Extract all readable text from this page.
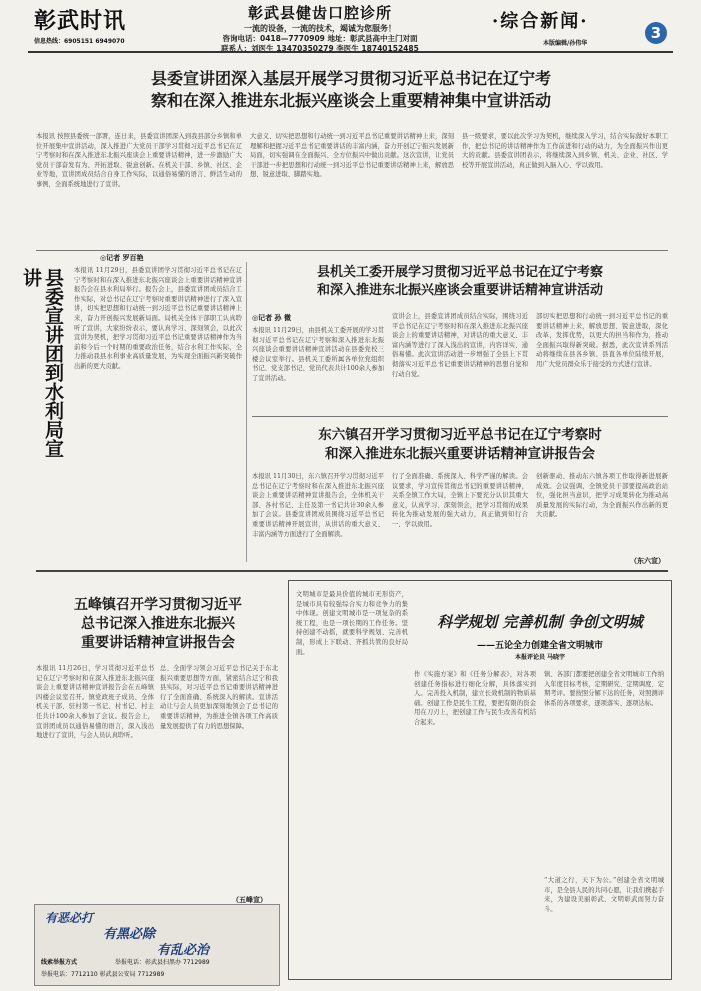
彰武时讯
信息热线：6905151 6949070
彰武县健齿口腔诊所
一流的设备，一流的技术，竭诚为您服务！
咨询电话：0418—7770909 地址：彰武县高中主门对面
联系人：刘医生 13470350279 李医生 18740152485
·综合新闻·
3
本版编辑/孙伟华
县委宣讲团深入基层开展学习贯彻习近平总书记在辽宁考
察和在深入推进东北振兴座谈会上重要精神集中宣讲活动
本报讯 按照县委统一部署，连日来，县委宣讲团深入到我县部分乡镇和单位开展集中宣讲活动，深入推进广大党员干部学习贯彻习近平总书记在辽宁考察时和在深入推进东北振兴座谈会上重要讲话精神，进一步激励广大党员干部奋发有为、开拓进取、锐意创新。在机关干部、乡镇、社区、企业等地，宣讲团成员结合自身工作实际，以通俗易懂的语言、鲜活生动的事例，全面系统地进行了宣讲。
大意义、切实把思想和行动统一到习近平总书记重要讲话精神上来，深刻理解和把握习近平总书记重要讲话的丰富内涵，奋力开创辽宁振兴发展新局面，切实强调在全面振兴、全方位振兴中做出贡献。这次宣讲，让党员干部进一步把思想和行动统一到习近平总书记重要讲话精神上来，解放思想、锐意进取、脚踏实地。
县一级要求，要以此次学习为契机，继续深入学习，结合实际做好本职工作，把总书记的讲话精神作为工作前进和行动的动力，为全面振兴作出更大的贡献。县委宣讲团表示，将继续深入到乡镇、机关、企业、社区、学校等开展宣讲活动，真正做到入脑入心、学以致用。
◎记者 罗百艳
县委宣讲团到水利局宣讲	本报讯 11月29日，县委宣讲团学习贯彻习近平总书记在辽宁考察时和在深入推进东北振兴座谈会上重要讲话精神宣讲报告会在县水利局举行。报告会上，县委宣讲团成员结合工作实际，对总书记在辽宁考察时重要讲话精神进行了深入宣讲，切实把思想和行动统一到习近平总书记重要讲话精神上来，奋力开创振兴发展新局面。局机关全体干部职工认真聆听了宣讲，大家纷纷表示，要认真学习、深刻领会，以此次宣讲为契机，把学习贯彻习近平总书记重要讲话精神作为当前和今后一个时期的重要政治任务，结合水利工作实际，全力推动我县水利事业高质量发展，为实现全面振兴新突破作出新的更大贡献。
县机关工委开展学习贯彻习近平总书记在辽宁考察
和深入推进东北振兴座谈会重要讲话精神宣讲活动
◎记者 孙 微
本报讯 11月29日，由县机关工委开展的学习贯彻习近平总书记在辽宁考察和深入推进东北振兴座谈会重要讲话精神宣讲活动在县委党校三楼会议室举行。县机关工委所属各单位党组织书记、党支部书记、党员代表共计100余人参加了宣讲活动。
宣讲会上，县委宣讲团成员结合实际，围绕习近平总书记在辽宁考察时和在深入推进东北振兴座谈会上的重要讲话精神，对讲话的重大意义、丰富内涵等进行了深入浅出的宣讲，内容详实、通俗易懂。此次宣讲活动进一步增强了全县上下贯彻落实习近平总书记重要讲话精神的思想自觉和行动自觉。
部切实把思想和行动统一到习近平总书记的重要讲话精神上来，解放思想、锐意进取，深化改革，发挥优势，以更大的担当和作为，推动全面振兴取得新突破。据悉，此次宣讲系列活动将继续在县各乡镇、县直各单位陆续开展，用广大党员群众乐于接受的方式进行宣讲。
东六镇召开学习贯彻习近平总书记在辽宁考察时
和深入推进东北振兴重要讲话精神宣讲报告会
本报讯 11月30日，东六镇召开学习贯彻习近平总书记在辽宁考察时和在深入推进东北振兴座谈会上重要讲话精神宣讲报告会，全体机关干部、各村书记、主任及第一书记共计30余人参加了会议。县委宣讲团成员围绕习近平总书记重要讲话精神开展宣讲，从讲话的重大意义、丰富内涵等方面进行了全面解读。
行了全面准确、系统深入、科学严谨的解读。会议要求，学习宣传贯彻总书记的重要讲话精神，关系全镇工作大局，全镇上下要充分认识其重大意义，认真学习、深刻领会，把学习贯彻的成果转化为推动发展的强大动力，真正做到知行合一、学以致用。
创新驱动、推动东六镇各项工作取得新进展新成效。会议强调，全镇党员干部要提高政治站位，强化担当意识，把学习成果转化为推动高质量发展的实际行动，为全面振兴作出新的更大贡献。
（东六宣）
五峰镇召开学习贯彻习近平
总书记深入推进东北振兴
重要讲话精神宣讲报告会
本报讯 11月26日，学习贯彻习近平总书记在辽宁考察时和在深入推进东北振兴座谈会上重要讲话精神宣讲报告会在五峰镇四楼会议室召开。镇党政班子成员、全体机关干部、驻村第一书记、村书记、村主任共计100余人参加了会议。报告会上，宣讲团成员以通俗易懂的语言，深入浅出地进行了宣讲，与会人员认真聆听。
总、全面学习领会习近平总书记关于东北振兴重要思想等方面，紧密结合辽宁和我县实际，对习近平总书记重要讲话精神进行了全面准确、系统深入的解读。宣讲活动让与会人员更加深刻地领会了总书记的重要讲话精神，为推进全镇各项工作高质量发展提供了有力的思想保障。
（五峰宣）
文明城市是最具价值的城市无形资产，是城市具有较强综合实力和竞争力的集中体现。创建文明城市是一项复杂的系统工程，也是一项长期的工作任务。坚持创建不动摇，就要科学规划、完善机制，形成上下联动、齐抓共管的良好局面。
科学规划 完善机制 争创文明城
——五论全力创建全省文明城市
本报评论员 马晓宇
作《实施方案》和《任务分解表》，对各项创建任务指标进行细化分解，具体落实到人。完善投入机制，建立长效机制的物质基础。创建工作是民生工程，要把有限的资金用在刀刃上，把创建工作与民生改善有机结合起来。
镇、各部门都要把创建全省文明城市工作纳入年度目标考核，定期研究、定期调度、定期考评。要按照分解下达的任务，对照测评体系的各项要求，逐项落实、逐项达标。
“大道之行，天下为公。”创建全省文明城市，是全县人民的共同心愿，让我们携起手来，为建设美丽彰武、文明彰武而努力奋斗。
有恶必打
有黑必除
有乱必治
线索举报方式	举报电话：彰武县扫黑办 7712989
举报电话：7712110 彰武县公安局 7712989
